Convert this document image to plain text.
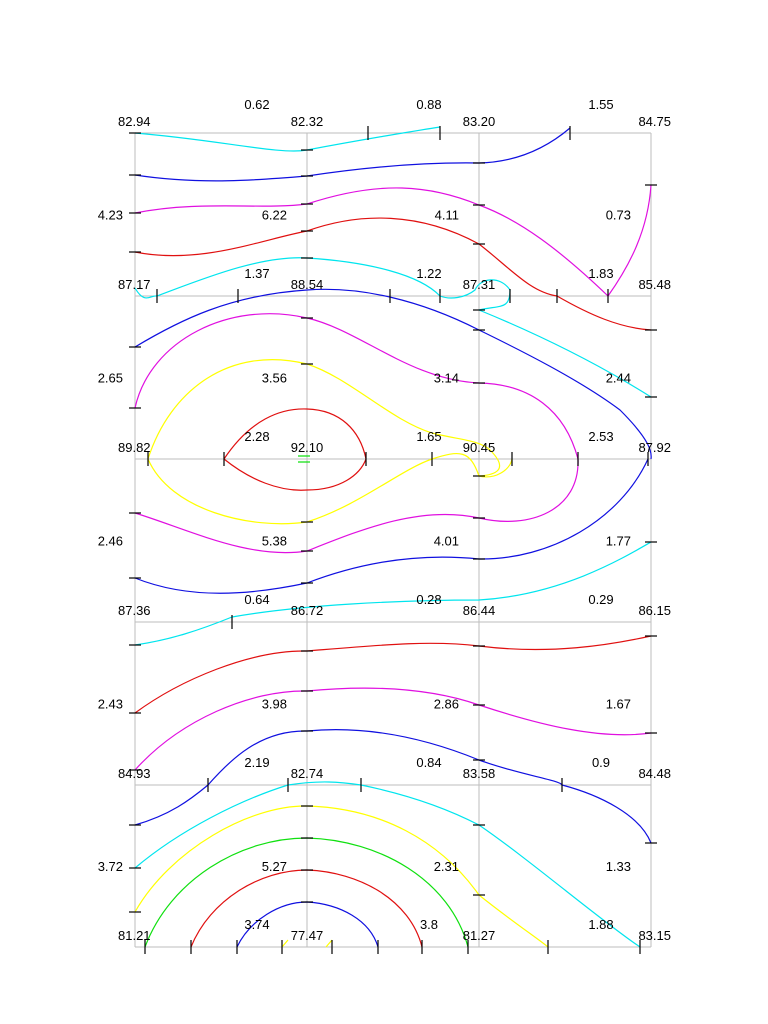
82.94	82.32	83.20	84.75
87.17	88.54	87.31	85.48
89.82	92.10	90.45	87.92
87.36	86.72	86.44	86.15
84.93	82.74	83.58	84.48
81.21	77.47	81.27	83.15
0.62	0.88	1.55
1.37	1.22	1.83
2.28	1.65	2.53
0.64	0.28	0.29
2.19	0.84	0.9
3.74	3.8	1.88
4.23	6.22	4.11	0.73
2.65	3.56	3.14	2.44
2.46	5.38	4.01	1.77
2.43	3.98	2.86	1.67
3.72	5.27	2.31	1.33
